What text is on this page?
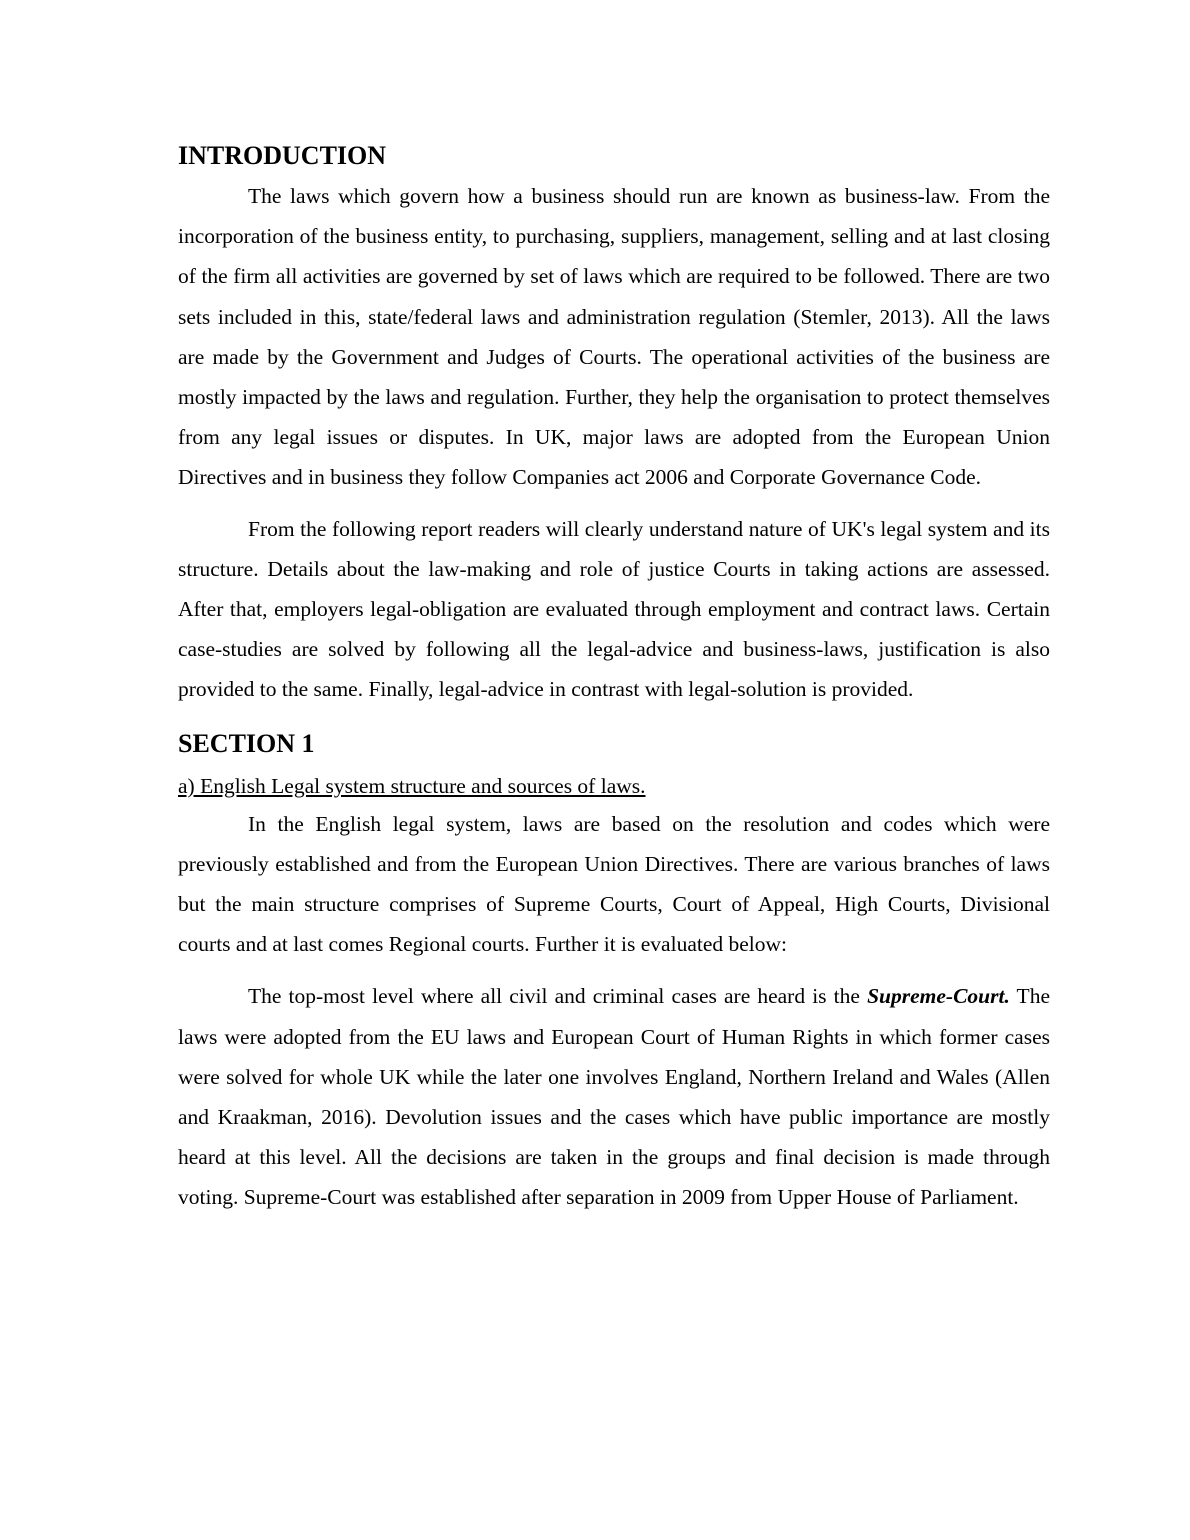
INTRODUCTION

The laws which govern how a business should run are known as business-law. From the incorporation of the business entity, to purchasing, suppliers, management, selling and at last closing of the firm all activities are governed by set of laws which are required to be followed. There are two sets included in this, state/federal laws and administration regulation (Stemler, 2013). All the laws are made by the Government and Judges of Courts. The operational activities of the business are mostly impacted by the laws and regulation. Further, they help the organisation to protect themselves from any legal issues or disputes. In UK, major laws are adopted from the European Union Directives and in business they follow Companies act 2006 and Corporate Governance Code.

From the following report readers will clearly understand nature of UK's legal system and its structure. Details about the law-making and role of justice Courts in taking actions are assessed. After that, employers legal-obligation are evaluated through employment and contract laws. Certain case-studies are solved by following all the legal-advice and business-laws, justification is also provided to the same. Finally, legal-advice in contrast with legal-solution is provided.

SECTION 1
a) English Legal system structure and sources of laws.

In the English legal system, laws are based on the resolution and codes which were previously established and from the European Union Directives. There are various branches of laws but the main structure comprises of Supreme Courts, Court of Appeal, High Courts, Divisional courts and at last comes Regional courts. Further it is evaluated below:

The top-most level where all civil and criminal cases are heard is the Supreme-Court. The laws were adopted from the EU laws and European Court of Human Rights in which former cases were solved for whole UK while the later one involves England, Northern Ireland and Wales (Allen and Kraakman, 2016). Devolution issues and the cases which have public importance are mostly heard at this level. All the decisions are taken in the groups and final decision is made through voting. Supreme-Court was established after separation in 2009 from Upper House of Parliament.
